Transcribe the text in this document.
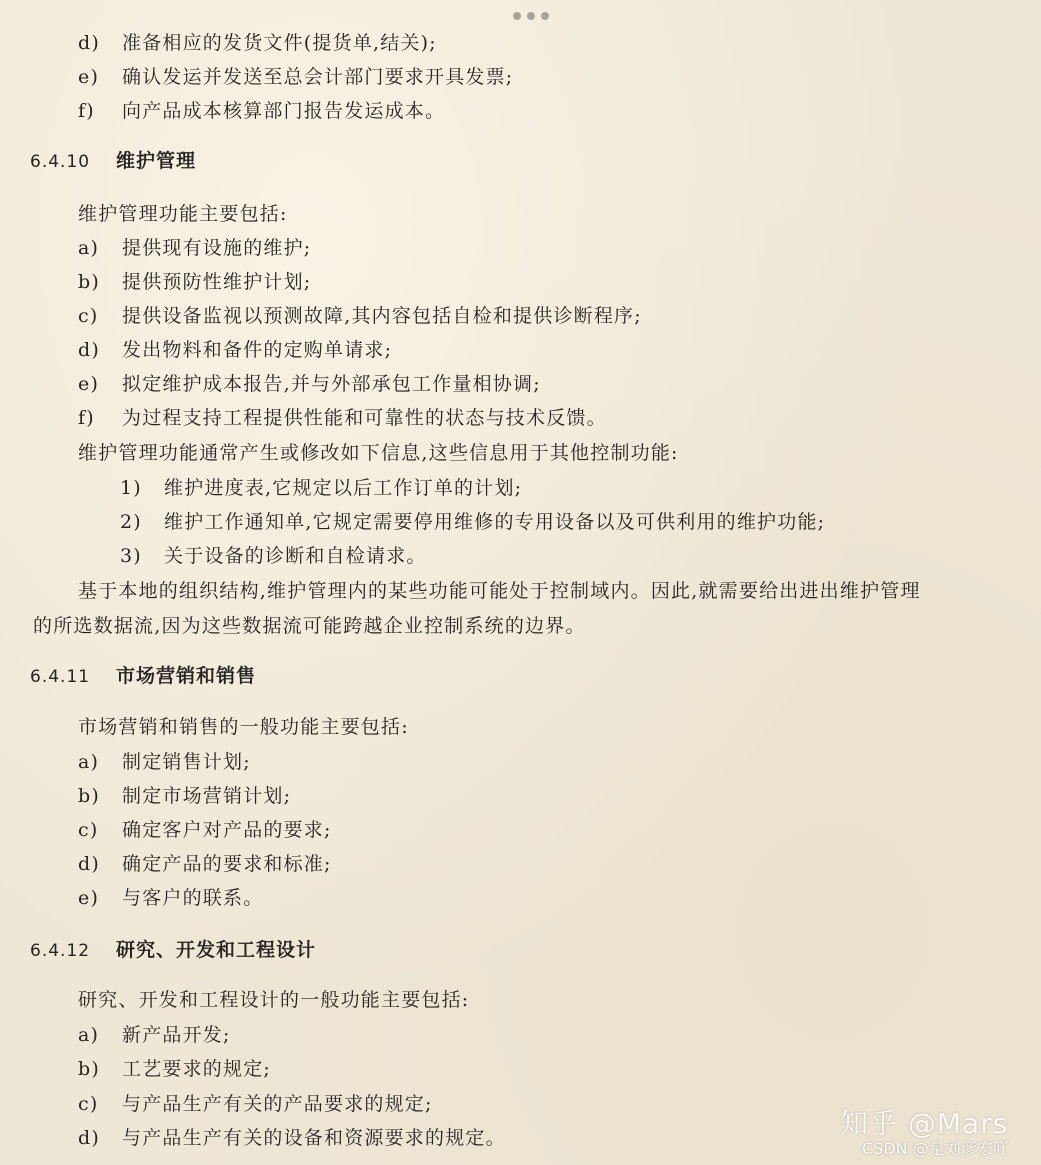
d) 准备相应的发货文件(提货单,结关);
e) 确认发运并发送至总会计部门要求开具发票;
f) 向产品成本核算部门报告发运成本。
6.4.10 维护管理
维护管理功能主要包括:
a) 提供现有设施的维护;
b) 提供预防性维护计划;
c) 提供设备监视以预测故障,其内容包括自检和提供诊断程序;
d) 发出物料和备件的定购单请求;
e) 拟定维护成本报告,并与外部承包工作量相协调;
f) 为过程支持工程提供性能和可靠性的状态与技术反馈。
维护管理功能通常产生或修改如下信息,这些信息用于其他控制功能:
1) 维护进度表,它规定以后工作订单的计划;
2) 维护工作通知单,它规定需要停用维修的专用设备以及可供利用的维护功能;
3) 关于设备的诊断和自检请求。
基于本地的组织结构,维护管理内的某些功能可能处于控制域内。因此,就需要给出进出维护管理
的所选数据流,因为这些数据流可能跨越企业控制系统的边界。
6.4.11 市场营销和销售
市场营销和销售的一般功能主要包括:
a) 制定销售计划;
b) 制定市场营销计划;
c) 确定客户对产品的要求;
d) 确定产品的要求和标准;
e) 与客户的联系。
6.4.12 研究、开发和工程设计
研究、开发和工程设计的一般功能主要包括:
a) 新产品开发;
b) 工艺要求的规定;
c) 与产品生产有关的产品要求的规定;
d) 与产品生产有关的设备和资源要求的规定。	知乎 @Mars
CSDN @是刘彦宏吖
